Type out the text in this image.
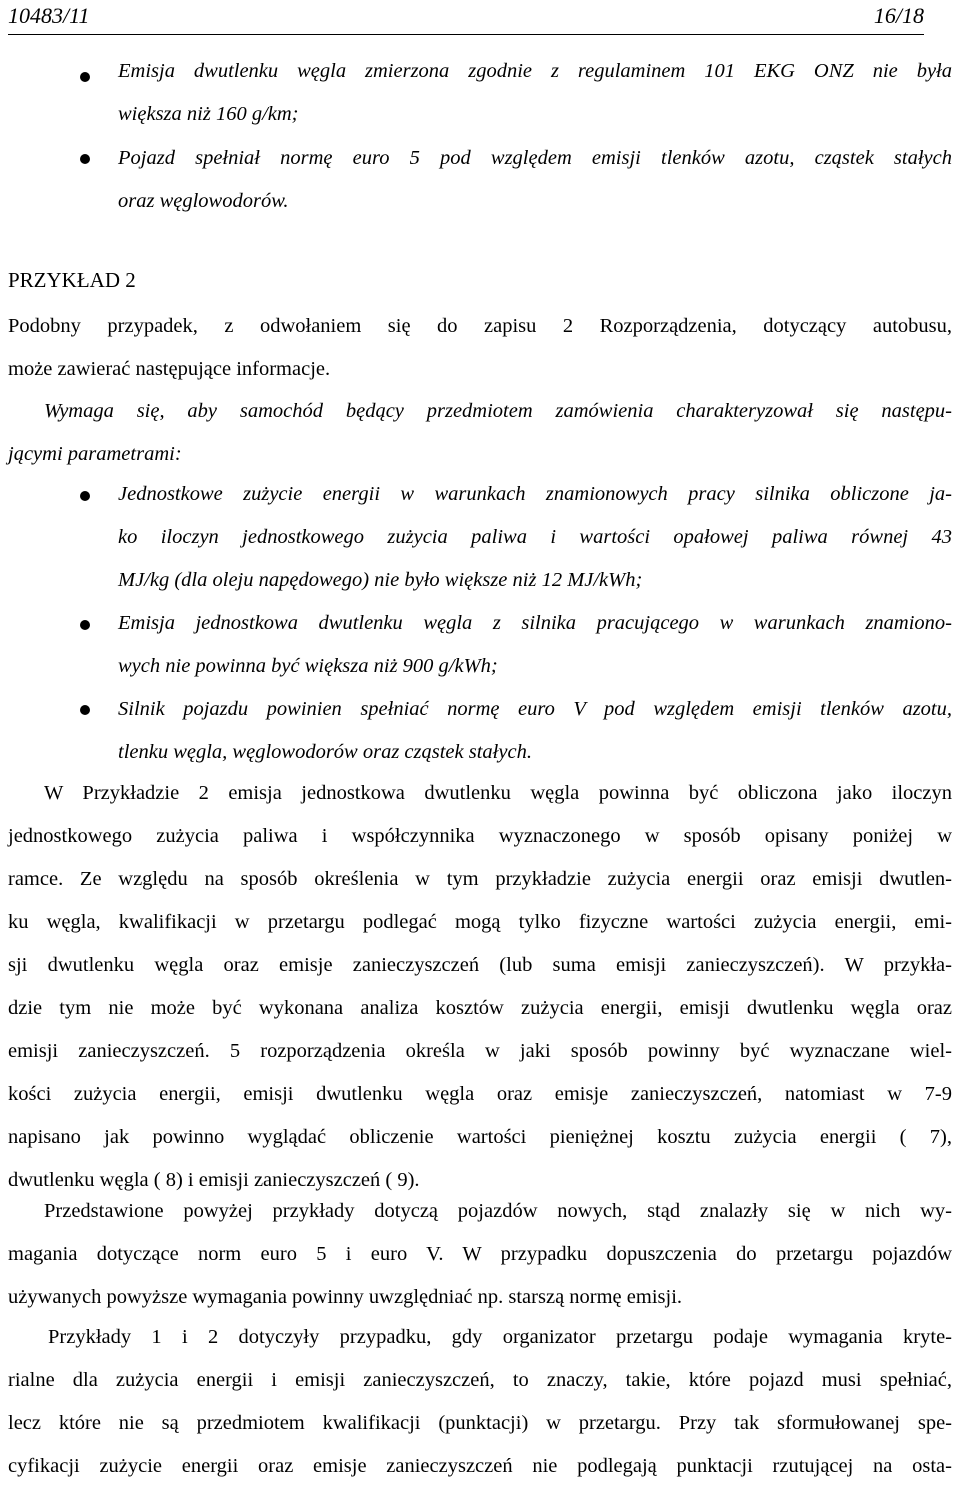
10483/11	16/18

Emisja dwutlenku węgla zmierzona zgodnie z regulaminem 101 EKG ONZ nie była
większa niż 160 g/km;

Pojazd spełniał normę euro 5 pod względem emisji tlenków azotu, cząstek stałych
oraz węglowodorów.

PRZYKŁAD 2

Podobny przypadek, z odwołaniem się do zapisu 2 Rozporządzenia, dotyczący autobusu,
może zawierać następujące informacje.

Wymaga się, aby samochód będący przedmiotem zamówienia charakteryzował się następu-
jącymi parametrami:

Jednostkowe zużycie energii w warunkach znamionowych pracy silnika obliczone ja-
ko iloczyn jednostkowego zużycia paliwa i wartości opałowej paliwa równej 43
MJ/kg (dla oleju napędowego) nie było większe niż 12 MJ/kWh;

Emisja jednostkowa dwutlenku węgla z silnika pracującego w warunkach znamiono-
wych nie powinna być większa niż 900 g/kWh;

Silnik pojazdu powinien spełniać normę euro V pod względem emisji tlenków azotu,
tlenku węgla, węglowodorów oraz cząstek stałych.

W Przykładzie 2 emisja jednostkowa dwutlenku węgla powinna być obliczona jako iloczyn
jednostkowego zużycia paliwa i współczynnika wyznaczonego w sposób opisany poniżej w
ramce. Ze względu na sposób określenia w tym przykładzie zużycia energii oraz emisji dwutlen-
ku węgla, kwalifikacji w przetargu podlegać mogą tylko fizyczne wartości zużycia energii, emi-
sji dwutlenku węgla oraz emisje zanieczyszczeń (lub suma emisji zanieczyszczeń). W przykła-
dzie tym nie może być wykonana analiza kosztów zużycia energii, emisji dwutlenku węgla oraz
emisji zanieczyszczeń. 5 rozporządzenia określa w jaki sposób powinny być wyznaczane wiel-
kości zużycia energii, emisji dwutlenku węgla oraz emisje zanieczyszczeń, natomiast w 7-9
napisano jak powinno wyglądać obliczenie wartości pieniężnej kosztu zużycia energii ( 7),
dwutlenku węgla ( 8) i emisji zanieczyszczeń ( 9).

Przedstawione powyżej przykłady dotyczą pojazdów nowych, stąd znalazły się w nich wy-
magania dotyczące norm euro 5 i euro V. W przypadku dopuszczenia do przetargu pojazdów
używanych powyższe wymagania powinny uwzględniać np. starszą normę emisji.

Przykłady 1 i 2 dotyczyły przypadku, gdy organizator przetargu podaje wymagania kryte-
rialne dla zużycia energii i emisji zanieczyszczeń, to znaczy, takie, które pojazd musi spełniać,
lecz które nie są przedmiotem kwalifikacji (punktacji) w przetargu. Przy tak sformułowanej spe-
cyfikacji zużycie energii oraz emisje zanieczyszczeń nie podlegają punktacji rzutującej na osta-
